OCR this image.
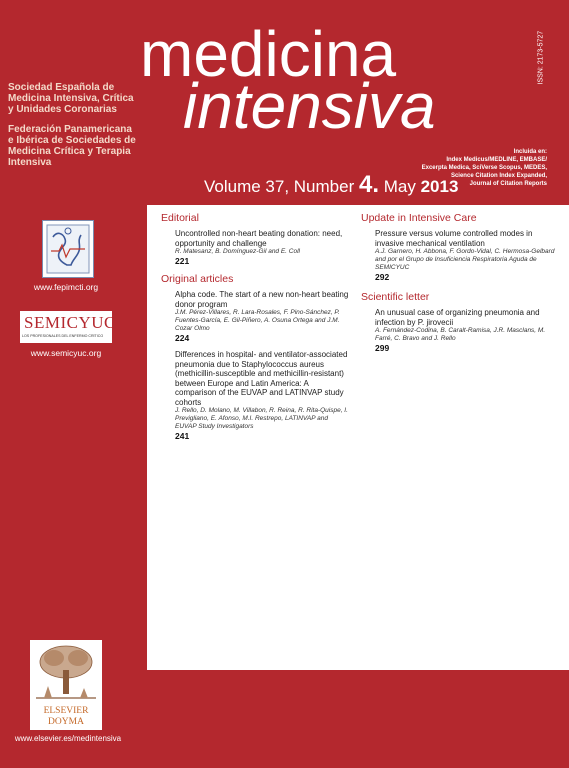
medicina
intensiva
ISSN: 2173-5727
Sociedad Española de Medicina Intensiva, Crítica y Unidades Coronarias
Federación Panamericana e Ibérica de Sociedades de Medicina Crítica y Terapia Intensiva
Incluida en:
Index Medicus/MEDLINE, EMBASE/
Excerpta Medica, SciVerse Scopus, MEDES,
Science Citation Index Expanded,
Journal of Citation Reports
Volume 37, Number 4. May 2013
www.fepimcti.org
SEMICYUC
LOS PROFESIONALES DEL ENFERMO CRÍTICO
www.semicyuc.org
ELSEVIER
DOYMA
www.elsevier.es/medintensiva
Editorial
Uncontrolled non-heart beating donation: need, opportunity and challenge
R. Matesanz, B. Domínguez-Gil and E. Coll
221
Original articles
Alpha code. The start of a new non-heart beating donor program
J.M. Pérez-Villares, R. Lara-Rosales, F. Pino-Sánchez, P. Fuentes-García, E. Gil-Piñero, A. Osuna Ortega and J.M. Cozar Olmo
224
Differences in hospital- and ventilator-associated pneumonia due to Staphylococcus aureus (methicillin-susceptible and methicillin-resistant) between Europe and Latin America: A comparison of the EUVAP and LATINVAP study cohorts
J. Rello, D. Molano, M. Villabon, R. Reina, R. Rita-Quispe, I. Previgliano, E. Afonso, M.I. Restrepo, LATINVAP and EUVAP Study Investigators
241
Update in Intensive Care
Pressure versus volume controlled modes in invasive mechanical ventilation
A.J. Garnero, H. Abbona, F. Gordo-Vidal, C. Hermosa-Gelbard and por el Grupo de Insuficiencia Respiratoria Aguda de SEMICYUC
292
Scientific letter
An unusual case of organizing pneumonia and infection by P. jirovecii
A. Fernández-Codina, B. Caralt-Ramisa, J.R. Masclans, M. Farré, C. Bravo and J. Rello
299
